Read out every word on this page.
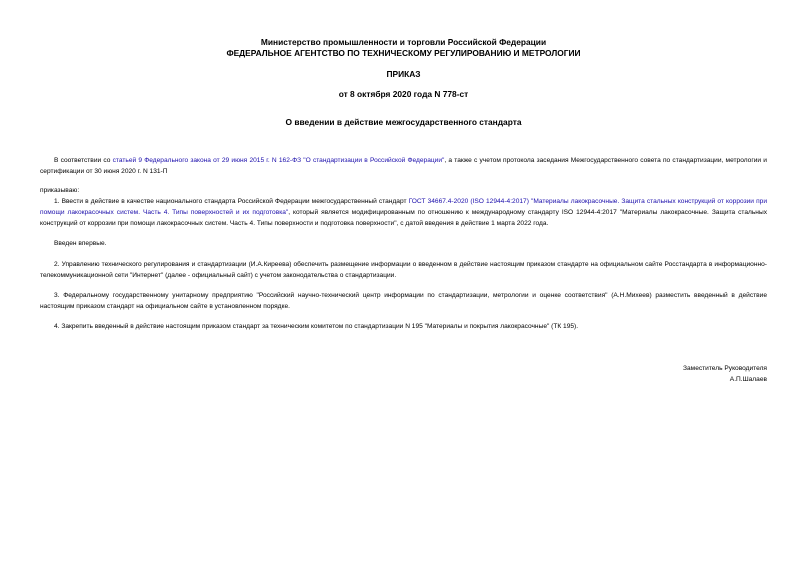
Министерство промышленности и торговли Российской Федерации
ФЕДЕРАЛЬНОЕ АГЕНТСТВО ПО ТЕХНИЧЕСКОМУ РЕГУЛИРОВАНИЮ И МЕТРОЛОГИИ
ПРИКАЗ
от 8 октября 2020 года N 778-ст
О введении в действие межгосударственного стандарта
В соответствии со статьей 9 Федерального закона от 29 июня 2015 г. N 162-ФЗ "О стандартизации в Российской Федерации", а также с учетом протокола заседания Межгосударственного совета по стандартизации, метрологии и сертификации от 30 июня 2020 г. N 131-П
приказываю:
1. Ввести в действие в качестве национального стандарта Российской Федерации межгосударственный стандарт ГОСТ 34667.4-2020 (ISO 12944-4:2017) "Материалы лакокрасочные. Защита стальных конструкций от коррозии при помощи лакокрасочных систем. Часть 4. Типы поверхностей и их подготовка", который является модифицированным по отношению к международному стандарту ISO 12944-4:2017 "Материалы лакокрасочные. Защита стальных конструкций от коррозии при помощи лакокрасочных систем. Часть 4. Типы поверхности и подготовка поверхности", с датой введения в действие 1 марта 2022 года.
Введен впервые.
2. Управлению технического регулирования и стандартизации (И.А.Киреева) обеспечить размещение информации о введенном в действие настоящим приказом стандарте на официальном сайте Росстандарта в информационно-телекоммуникационной сети "Интернет" (далее - официальный сайт) с учетом законодательства о стандартизации.
3. Федеральному государственному унитарному предприятию "Российский научно-технический центр информации по стандартизации, метрологии и оценке соответствия" (А.Н.Михеев) разместить введенный в действие настоящим приказом стандарт на официальном сайте в установленном порядке.
4. Закрепить введенный в действие настоящим приказом стандарт за техническим комитетом по стандартизации N 195 "Материалы и покрытия лакокрасочные" (ТК 195).
Заместитель Руководителя
А.П.Шалаев
